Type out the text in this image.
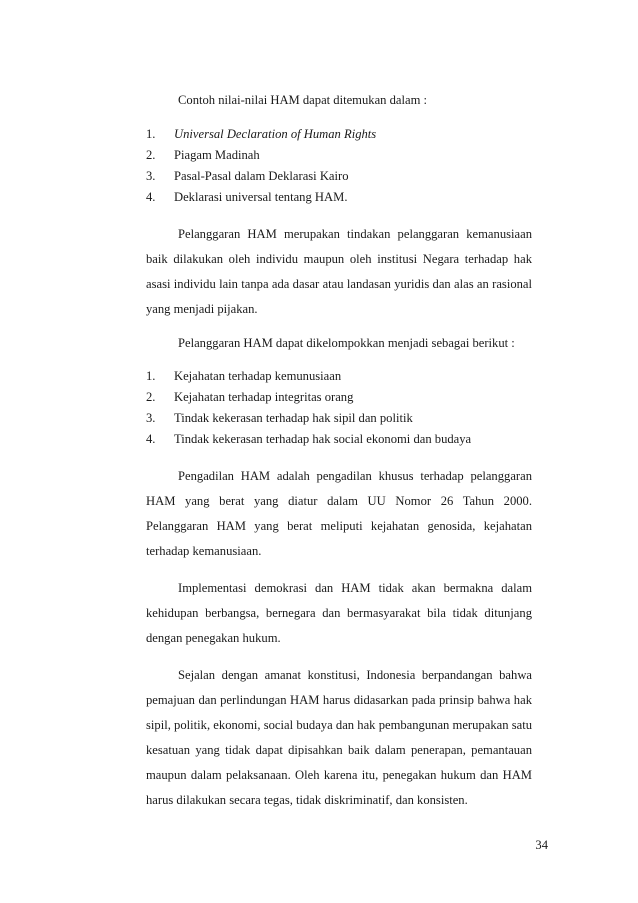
Contoh nilai-nilai HAM dapat ditemukan dalam :

1.	Universal Declaration of Human Rights
2.	Piagam Madinah
3.	Pasal-Pasal dalam Deklarasi Kairo
4.	Deklarasi universal tentang HAM.

Pelanggaran HAM merupakan tindakan pelanggaran kemanusiaan baik dilakukan oleh individu maupun oleh institusi Negara terhadap hak asasi individu lain tanpa ada dasar atau landasan yuridis dan alas an rasional yang menjadi pijakan.

Pelanggaran HAM dapat dikelompokkan menjadi sebagai berikut :

1.	Kejahatan terhadap kemunusiaan
2.	Kejahatan terhadap integritas orang
3.	Tindak kekerasan terhadap hak sipil dan politik
4.	Tindak kekerasan terhadap hak social ekonomi dan budaya

Pengadilan HAM adalah pengadilan khusus terhadap pelanggaran HAM yang berat yang diatur dalam UU Nomor 26 Tahun 2000. Pelanggaran HAM yang berat meliputi kejahatan genosida, kejahatan terhadap kemanusiaan.

Implementasi demokrasi dan HAM tidak akan bermakna dalam kehidupan berbangsa, bernegara dan bermasyarakat bila tidak ditunjang dengan penegakan hukum.

Sejalan dengan amanat konstitusi, Indonesia berpandangan bahwa pemajuan dan perlindungan HAM harus didasarkan pada prinsip bahwa hak sipil, politik, ekonomi, social budaya dan hak pembangunan merupakan satu kesatuan yang tidak dapat dipisahkan baik dalam penerapan, pemantauan maupun dalam pelaksanaan. Oleh karena itu, penegakan hukum dan HAM harus dilakukan secara tegas, tidak diskriminatif, dan konsisten.

34
